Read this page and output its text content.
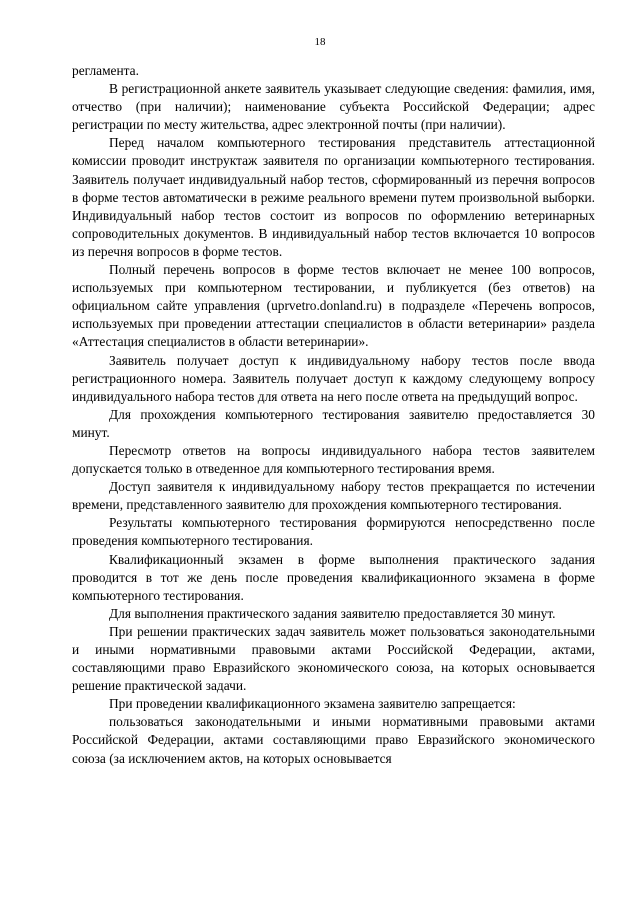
18

регламента.

В регистрационной анкете заявитель указывает следующие сведения: фамилия, имя, отчество (при наличии); наименование субъекта Российской Федерации; адрес регистрации по месту жительства, адрес электронной почты (при наличии).

Перед началом компьютерного тестирования представитель аттестационной комиссии проводит инструктаж заявителя по организации компьютерного тестирования. Заявитель получает индивидуальный набор тестов, сформированный из перечня вопросов в форме тестов автоматически в режиме реального времени путем произвольной выборки. Индивидуальный набор тестов состоит из вопросов по оформлению ветеринарных сопроводительных документов. В индивидуальный набор тестов включается 10 вопросов из перечня вопросов в форме тестов.

Полный перечень вопросов в форме тестов включает не менее 100 вопросов, используемых при компьютерном тестировании, и публикуется (без ответов) на официальном сайте управления (uprvetro.donland.ru) в подразделе «Перечень вопросов, используемых при проведении аттестации специалистов в области ветеринарии» раздела «Аттестация специалистов в области ветеринарии».

Заявитель получает доступ к индивидуальному набору тестов после ввода регистрационного номера. Заявитель получает доступ к каждому следующему вопросу индивидуального набора тестов для ответа на него после ответа на предыдущий вопрос.

Для прохождения компьютерного тестирования заявителю предоставляется 30 минут.

Пересмотр ответов на вопросы индивидуального набора тестов заявителем допускается только в отведенное для компьютерного тестирования время.

Доступ заявителя к индивидуальному набору тестов прекращается по истечении времени, представленного заявителю для прохождения компьютерного тестирования.

Результаты компьютерного тестирования формируются непосредственно после проведения компьютерного тестирования.

Квалификационный экзамен в форме выполнения практического задания проводится в тот же день после проведения квалификационного экзамена в форме компьютерного тестирования.

Для выполнения практического задания заявителю предоставляется 30 минут.

При решении практических задач заявитель может пользоваться законодательными и иными нормативными правовыми актами Российской Федерации, актами, составляющими право Евразийского экономического союза, на которых основывается решение практической задачи.

При проведении квалификационного экзамена заявителю запрещается:

пользоваться законодательными и иными нормативными правовыми актами Российской Федерации, актами составляющими право Евразийского экономического союза (за исключением актов, на которых основывается
